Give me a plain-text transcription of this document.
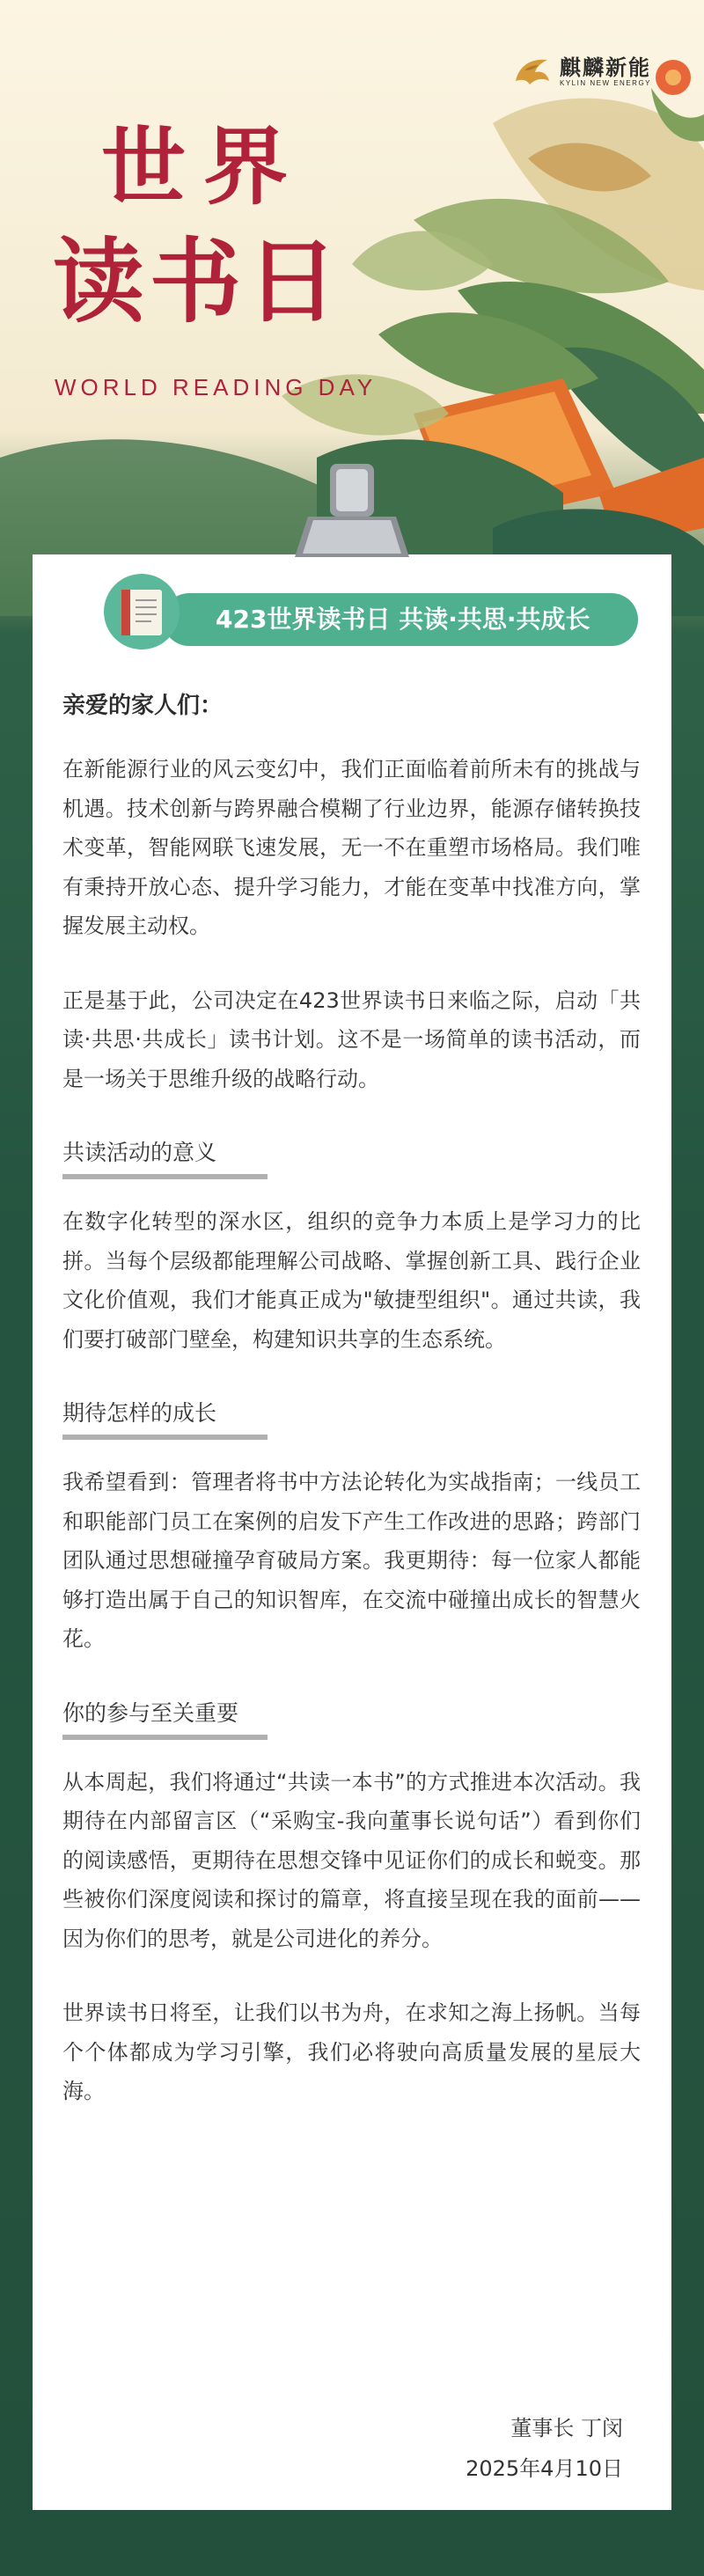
麒麟新能
KYLIN NEW ENERGY
世界
读书日
WORLD READING DAY
423世界读书日 共读·共思·共成长

亲爱的家人们：

在新能源行业的风云变幻中，我们正面临着前所未有的挑战与机遇。技术创新与跨界融合模糊了行业边界，能源存储转换技术变革，智能网联飞速发展，无一不在重塑市场格局。我们唯有秉持开放心态、提升学习能力，才能在变革中找准方向，掌握发展主动权。

正是基于此，公司决定在423世界读书日来临之际，启动「共读·共思·共成长」读书计划。这不是一场简单的读书活动，而是一场关于思维升级的战略行动。

共读活动的意义

在数字化转型的深水区，组织的竞争力本质上是学习力的比拼。当每个层级都能理解公司战略、掌握创新工具、践行企业文化价值观，我们才能真正成为"敏捷型组织"。通过共读，我们要打破部门壁垒，构建知识共享的生态系统。

期待怎样的成长

我希望看到：管理者将书中方法论转化为实战指南；一线员工和职能部门员工在案例的启发下产生工作改进的思路；跨部门团队通过思想碰撞孕育破局方案。我更期待：每一位家人都能够打造出属于自己的知识智库，在交流中碰撞出成长的智慧火花。

你的参与至关重要

从本周起，我们将通过“共读一本书”的方式推进本次活动。我期待在内部留言区（“采购宝-我向董事长说句话”）看到你们的阅读感悟，更期待在思想交锋中见证你们的成长和蜕变。那些被你们深度阅读和探讨的篇章，将直接呈现在我的面前——因为你们的思考，就是公司进化的养分。

世界读书日将至，让我们以书为舟，在求知之海上扬帆。当每个个体都成为学习引擎，我们必将驶向高质量发展的星辰大海。

董事长 丁闵
2025年4月10日
